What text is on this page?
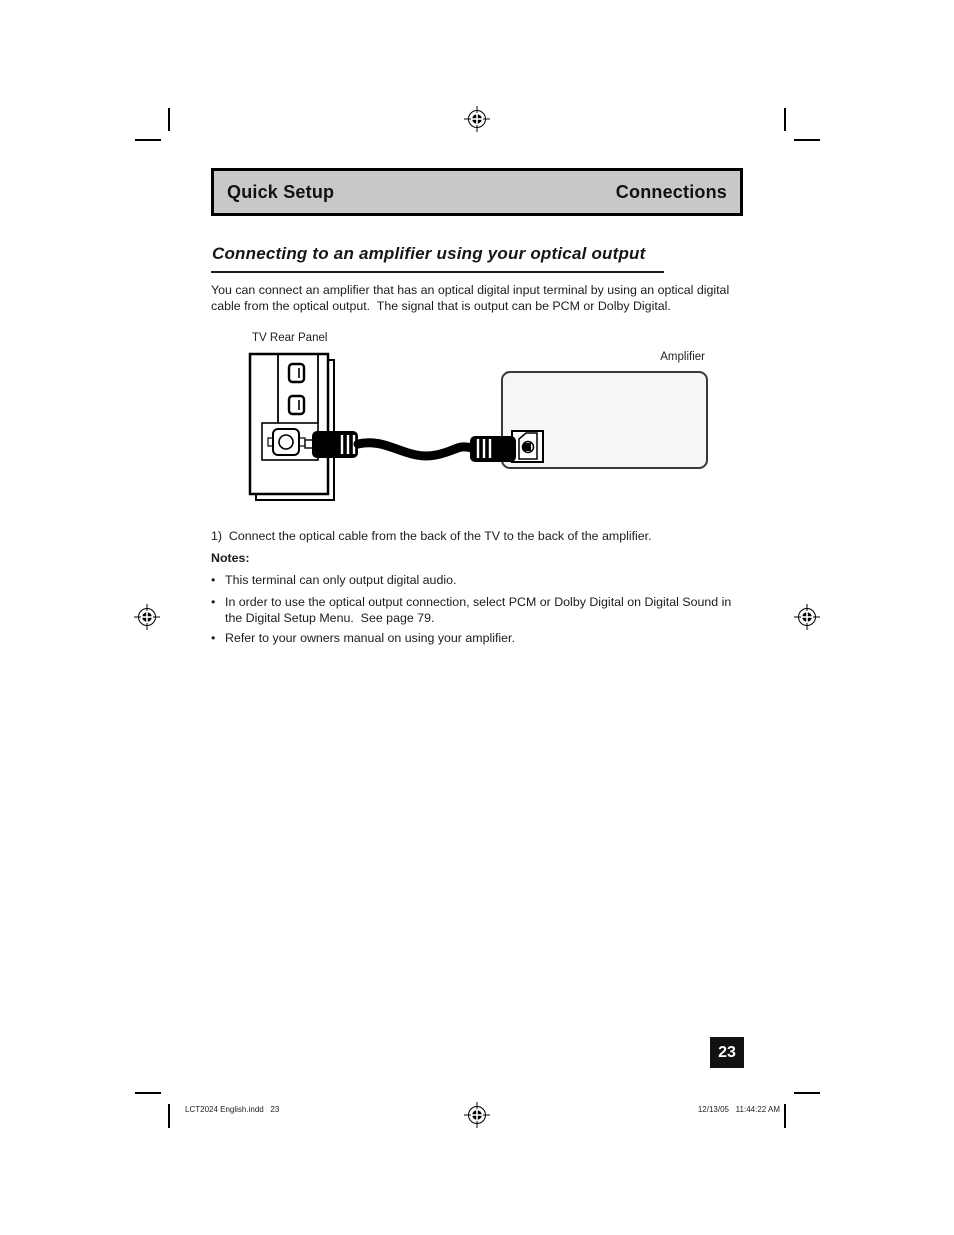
Quick Setup	Connections
Connecting to an amplifier using your optical output
You can connect an amplifier that has an optical digital input terminal by using an optical digital cable from the optical output.  The signal that is output can be PCM or Dolby Digital.
TV Rear Panel
Amplifier
1)  Connect the optical cable from the back of the TV to the back of the amplifier.
Notes:
• This terminal can only output digital audio.
• In order to use the optical output connection, select PCM or Dolby Digital on Digital Sound in the Digital Setup Menu.  See page 79.
• Refer to your owners manual on using your amplifier.
23
LCT2024 English.indd   23	12/13/05   11:44:22 AM
